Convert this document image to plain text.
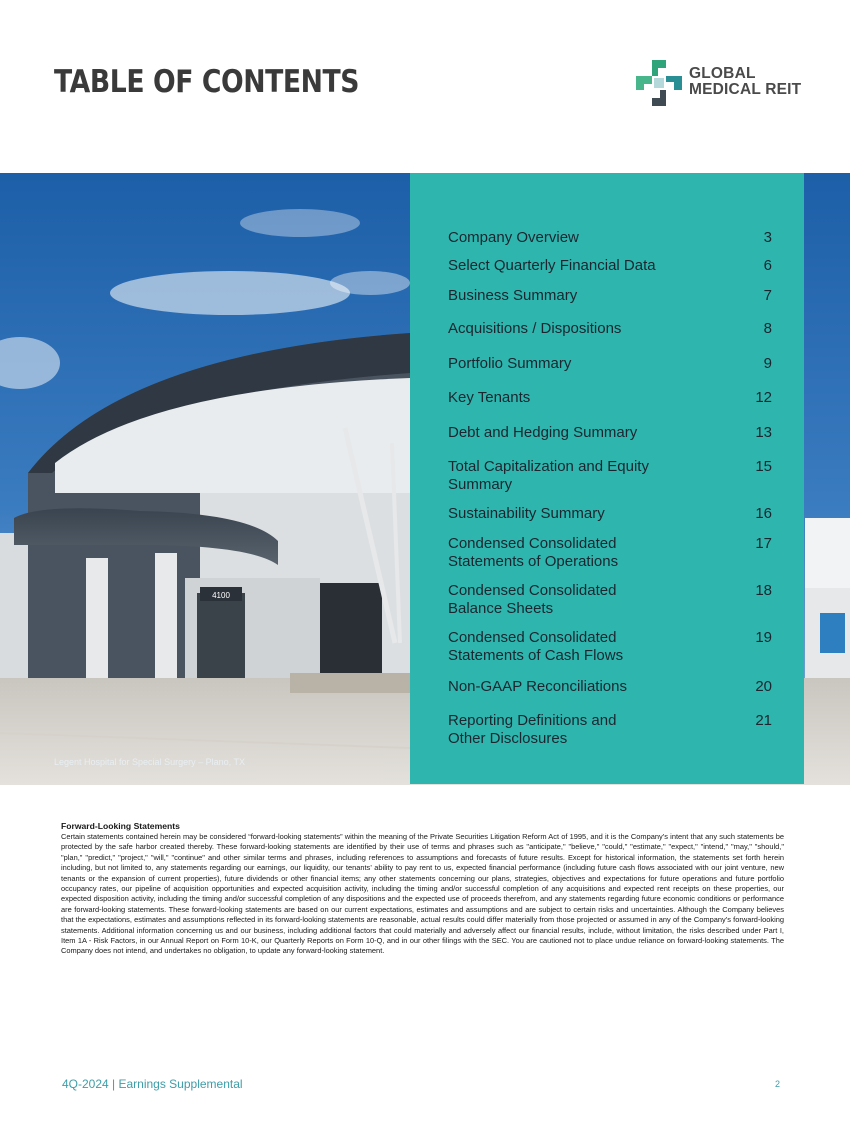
TABLE OF CONTENTS	GLOBAL
MEDICAL REIT
4100
Legent Hospital for Special Surgery – Plano, TX
Company Overview	3
Select Quarterly Financial Data	6
Business Summary	7
Acquisitions / Dispositions	8
Portfolio Summary	9
Key Tenants	12
Debt and Hedging Summary	13
Total Capitalization and Equity Summary
15
Sustainability Summary	16
Condensed Consolidated Statements of Operations
17
Condensed Consolidated Balance Sheets
18
Condensed Consolidated Statements of Cash Flows
19
Non-GAAP Reconciliations	20
Reporting Definitions and Other Disclosures
21
Forward-Looking Statements

Certain statements contained herein may be considered “forward-looking statements” within the meaning of the Private Securities Litigation Reform Act of 1995, and it is the Company’s intent that any such statements be protected by the safe harbor created thereby. These forward-looking statements are identified by their use of terms and phrases such as "anticipate," "believe," "could," "estimate," "expect," "intend," "may," "should," "plan," "predict," "project," "will," "continue" and other similar terms and phrases, including references to assumptions and forecasts of future results. Except for historical information, the statements set forth herein including, but not limited to, any statements regarding our earnings, our liquidity, our tenants’ ability to pay rent to us, expected financial performance (including future cash flows associated with our joint venture, new tenants or the expansion of current properties), future dividends or other financial items; any other statements concerning our plans, strategies, objectives and expectations for future operations and future portfolio occupancy rates, our pipeline of acquisition opportunities and expected acquisition activity, including the timing and/or successful completion of any acquisitions and expected rent receipts on these properties, our expected disposition activity, including the timing and/or successful completion of any dispositions and the expected use of proceeds therefrom, and any statements regarding future economic conditions or performance are forward-looking statements. These forward-looking statements are based on our current expectations, estimates and assumptions and are subject to certain risks and uncertainties. Although the Company believes that the expectations, estimates and assumptions reflected in its forward-looking statements are reasonable, actual results could differ materially from those projected or assumed in any of the Company’s forward-looking statements. Additional information concerning us and our business, including additional factors that could materially and adversely affect our financial results, include, without limitation, the risks described under Part I, Item 1A - Risk Factors, in our Annual Report on Form 10-K, our Quarterly Reports on Form 10-Q, and in our other filings with the SEC. You are cautioned not to place undue reliance on forward-looking statements. The Company does not intend, and undertakes no obligation, to update any forward-looking statement.

4Q-2024 | Earnings Supplemental	2
